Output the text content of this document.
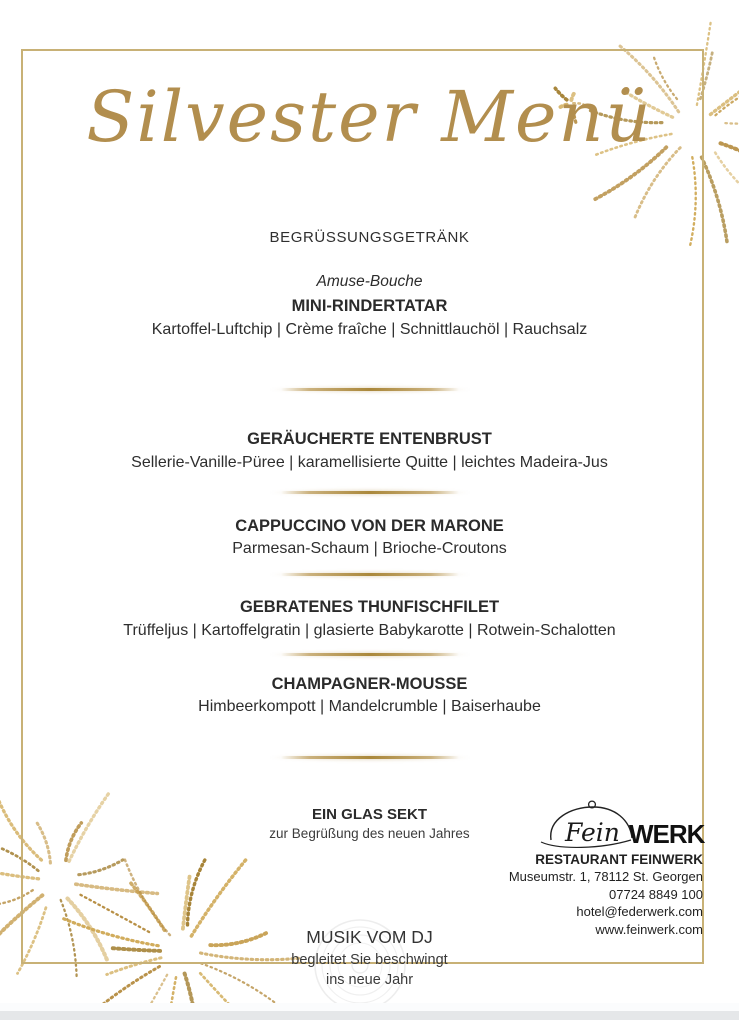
Silvester Menü
BEGRÜSSUNGSGETRÄNK
Amuse-Bouche
MINI-RINDERTATAR
Kartoffel-Luftchip | Crème fraîche | Schnittlauchöl | Rauchsalz
GERÄUCHERTE ENTENBRUST
Sellerie-Vanille-Püree | karamellisierte Quitte | leichtes Madeira-Jus
CAPPUCCINO VON DER MARONE
Parmesan-Schaum | Brioche-Croutons
GEBRATENES THUNFISCHFILET
Trüffeljus | Kartoffelgratin | glasierte Babykarotte | Rotwein-Schalotten
CHAMPAGNER-MOUSSE
Himbeerkompott | Mandelcrumble | Baiserhaube
EIN GLAS SEKT
zur Begrüßung des neuen Jahres
MUSIK VOM DJ
begleitet Sie beschwingt
ins neue Jahr
Fein WERK
RESTAURANT FEINWERK
Museumstr. 1, 78112 St. Georgen
07724 8849 100
hotel@federwerk.com
www.feinwerk.com
